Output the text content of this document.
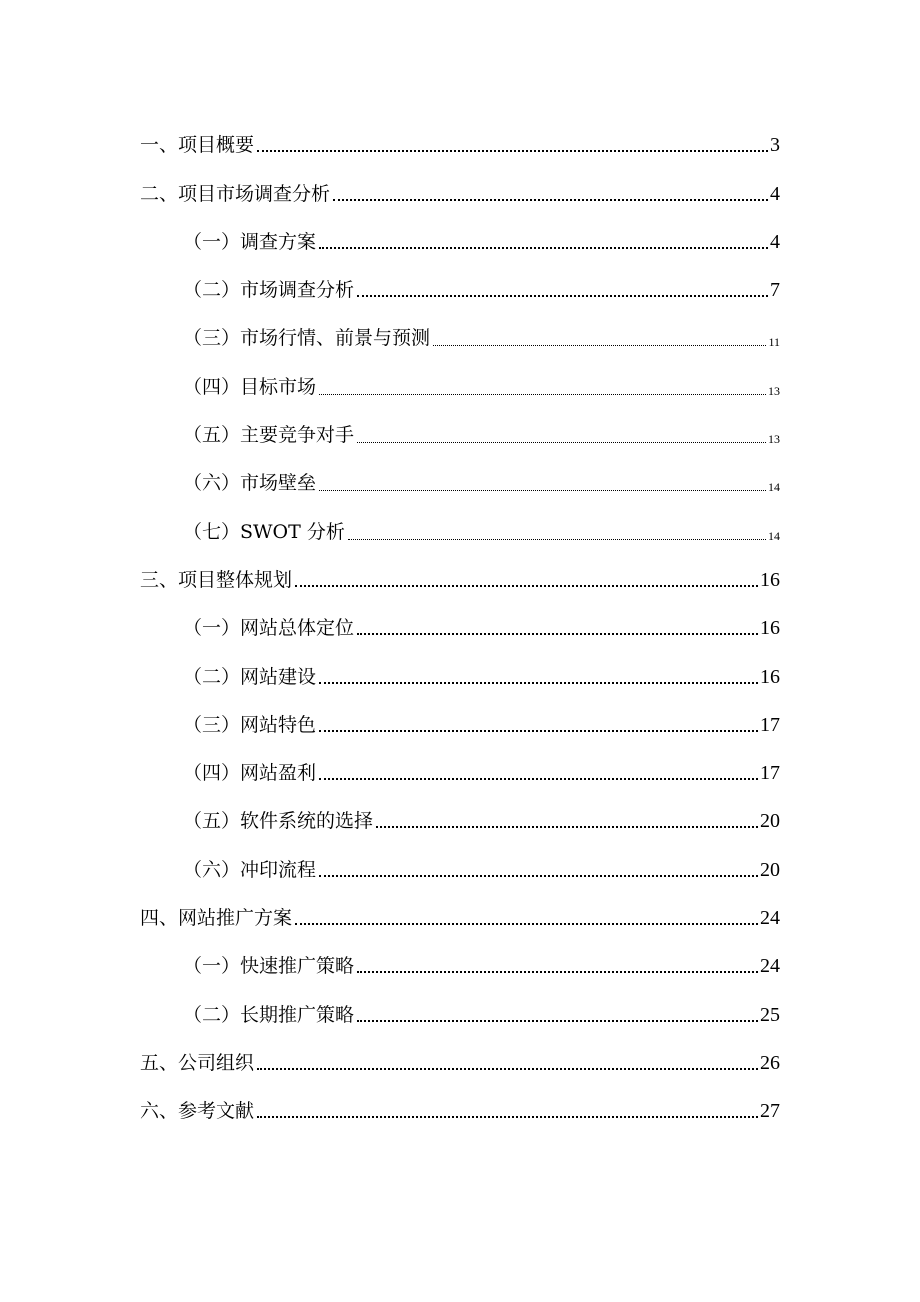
一、项目概要	3
二、项目市场调查分析	4
（一）调查方案	4
（二）市场调查分析	7
（三）市场行情、前景与预测	11
（四）目标市场	13
（五）主要竞争对手	13
（六）市场壁垒	14
（七）SWOT 分析	14
三、项目整体规划	16
（一）网站总体定位	16
（二）网站建设	16
（三）网站特色	17
（四）网站盈利	17
（五）软件系统的选择	20
（六）冲印流程	20
四、网站推广方案	24
（一）快速推广策略	24
（二）长期推广策略	25
五、公司组织	26
六、参考文献	27
